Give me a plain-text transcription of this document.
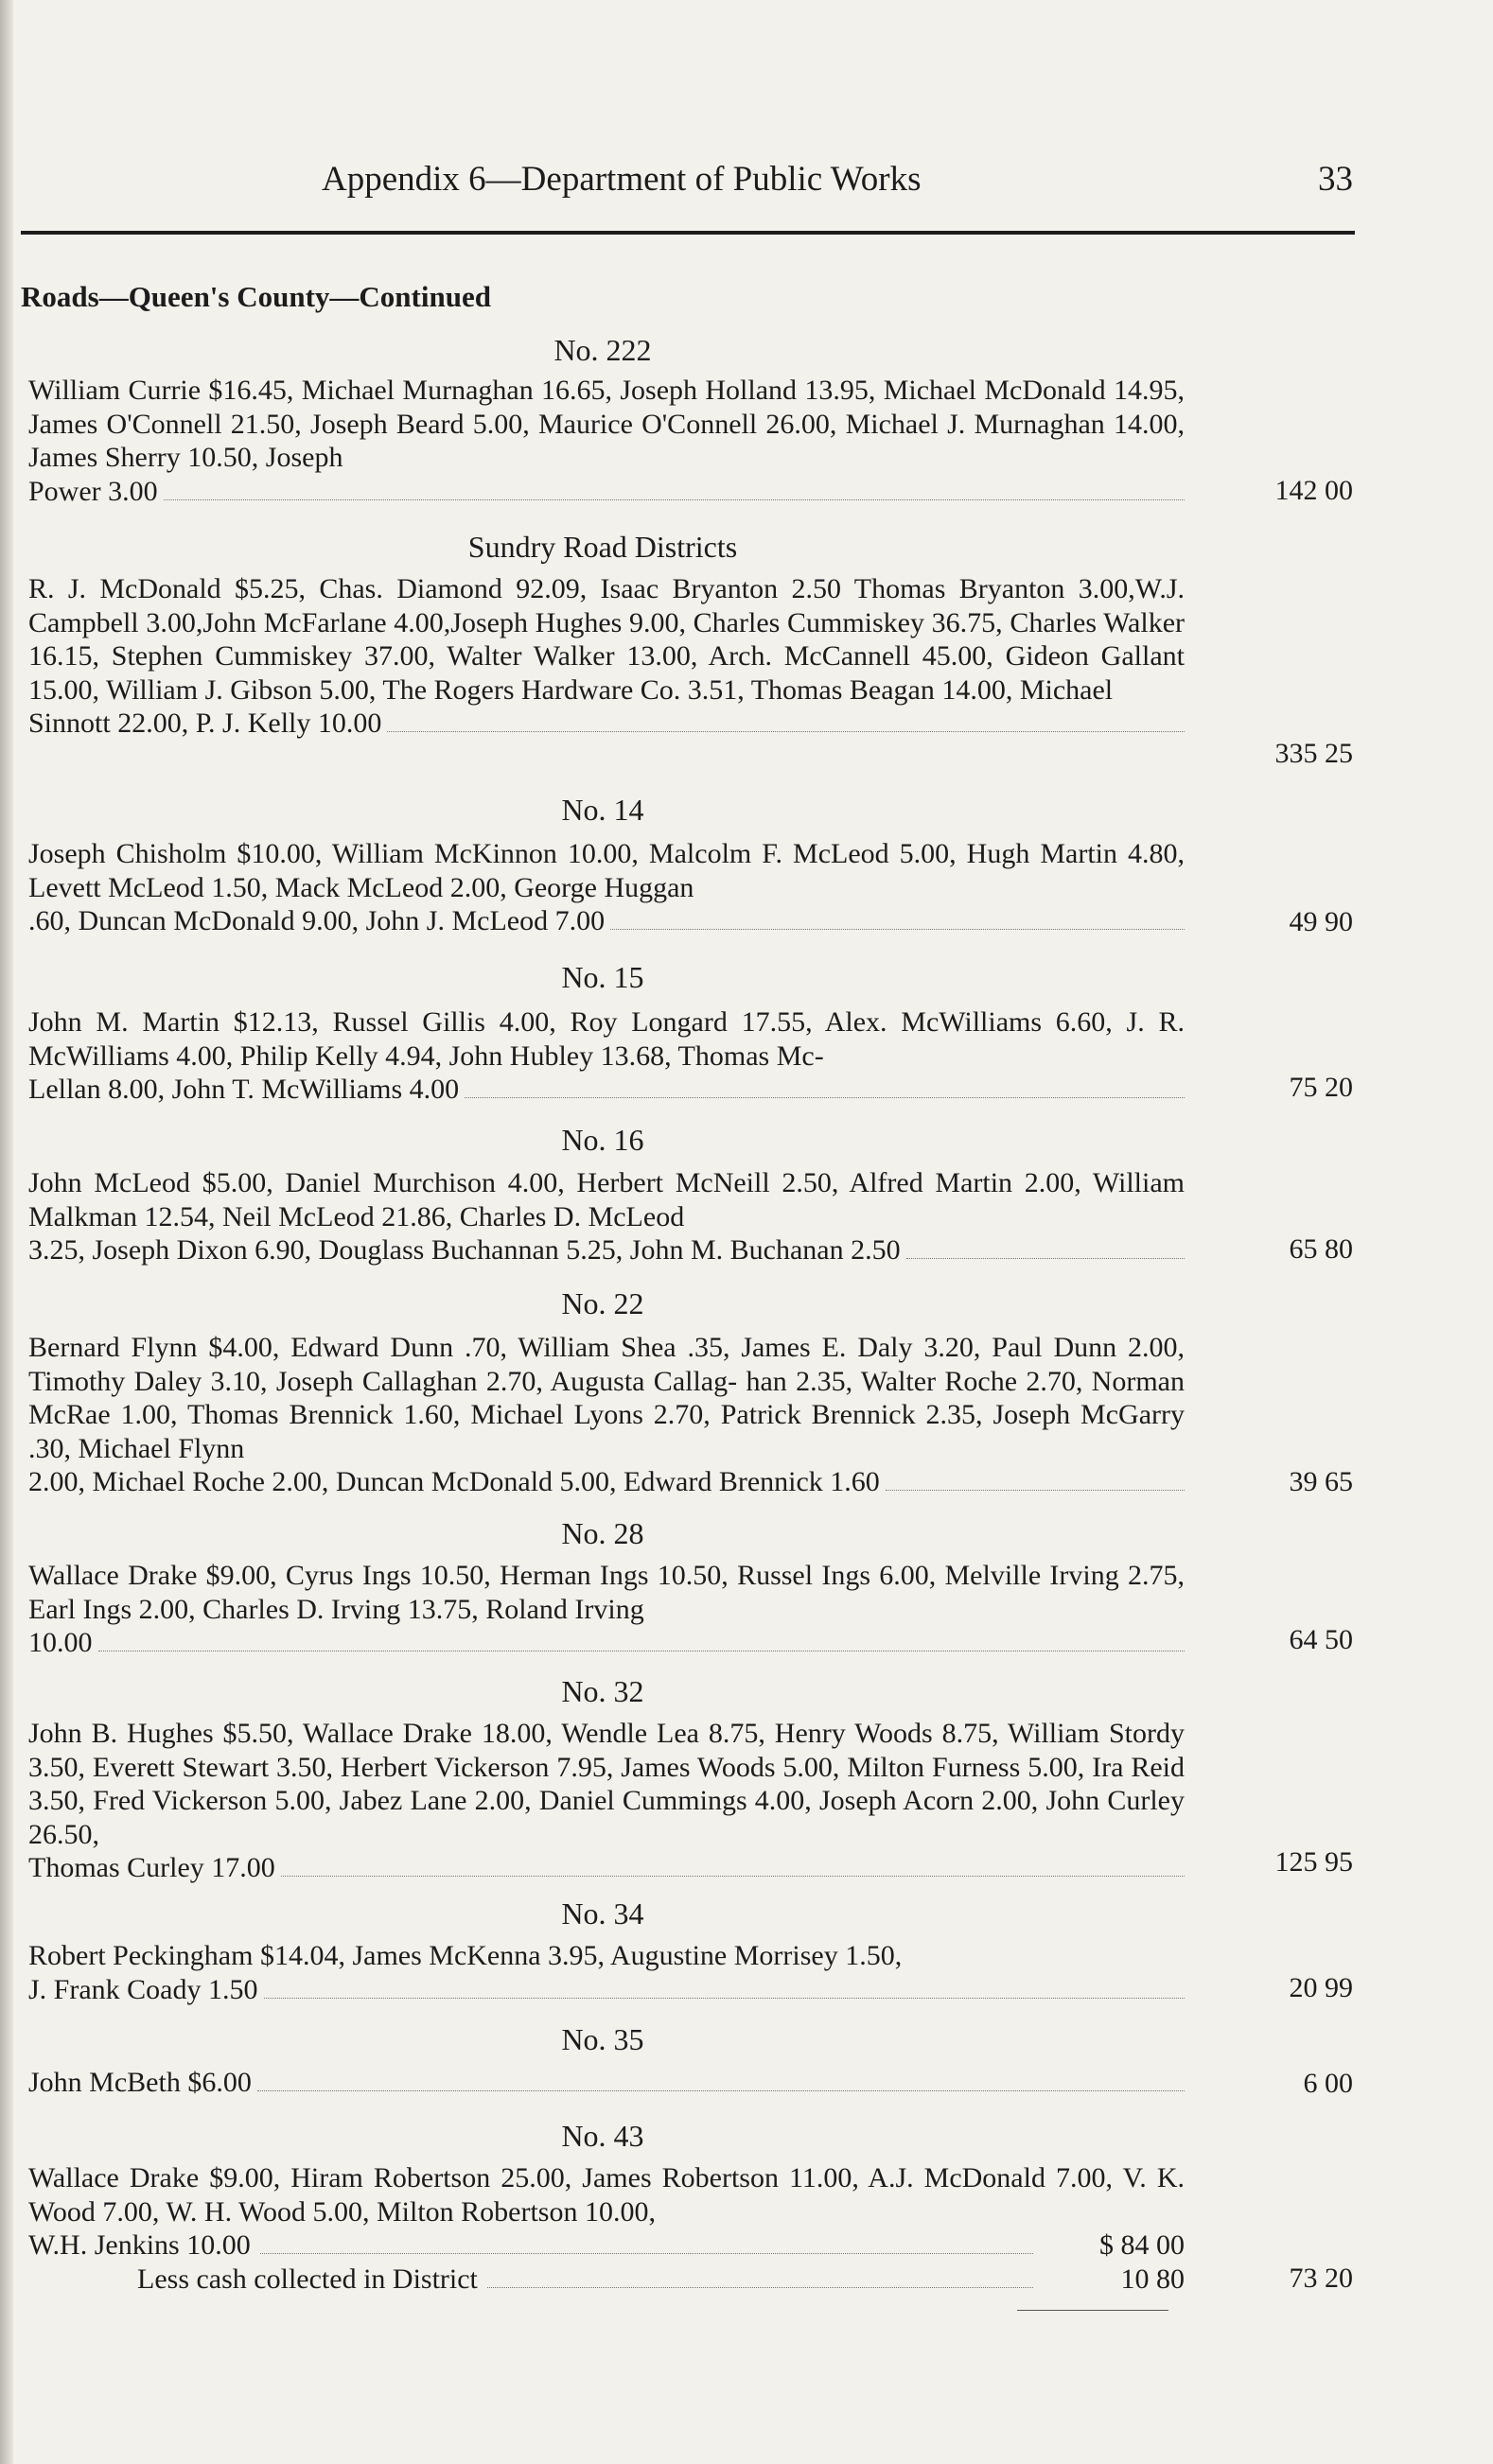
Appendix 6—Department of Public Works	33
Roads—Queen's County—Continued
No. 222
William Currie $16.45, Michael Murnaghan 16.65, Joseph Holland 13.95, Michael McDonald 14.95, James O'Connell 21.50, Joseph Beard 5.00, Maurice O'Connell 26.00, Michael J. Murnaghan 14.00, James Sherry 10.50, Joseph
Power 3.00	142 00
Sundry Road Districts
R. J. McDonald $5.25, Chas. Diamond 92.09, Isaac Bryanton 2.50 Thomas Bryanton 3.00,W.J. Campbell 3.00,John McFarlane 4.00,Joseph Hughes 9.00, Charles Cummiskey 36.75, Charles Walker 16.15, Stephen Cummiskey 37.00, Walter Walker 13.00, Arch. McCannell 45.00, Gideon Gallant 15.00, William J. Gibson 5.00, The Rogers Hardware Co. 3.51, Thomas Beagan 14.00, Michael
Sinnott 22.00, P. J. Kelly 10.00
335 25
No. 14
Joseph Chisholm $10.00, William McKinnon 10.00, Malcolm F. McLeod 5.00, Hugh Martin 4.80, Levett McLeod 1.50, Mack McLeod 2.00, George Huggan
.60, Duncan McDonald 9.00, John J. McLeod 7.00	49 90
No. 15
John M. Martin $12.13, Russel Gillis 4.00, Roy Longard 17.55, Alex. McWilliams 6.60, J. R. McWilliams 4.00, Philip Kelly 4.94, John Hubley 13.68, Thomas Mc-
Lellan 8.00, John T. McWilliams 4.00	75 20
No. 16
John McLeod $5.00, Daniel Murchison 4.00, Herbert McNeill 2.50, Alfred Martin 2.00, William Malkman 12.54, Neil McLeod 21.86, Charles D. McLeod
3.25, Joseph Dixon 6.90, Douglass Buchannan 5.25, John M. Buchanan 2.50	65 80
No. 22
Bernard Flynn $4.00, Edward Dunn .70, William Shea .35, James E. Daly 3.20, Paul Dunn 2.00, Timothy Daley 3.10, Joseph Callaghan 2.70, Augusta Callag- han 2.35, Walter Roche 2.70, Norman McRae 1.00, Thomas Brennick 1.60, Michael Lyons 2.70, Patrick Brennick 2.35, Joseph McGarry .30, Michael Flynn
2.00, Michael Roche 2.00, Duncan McDonald 5.00, Edward Brennick 1.60	39 65
No. 28
Wallace Drake $9.00, Cyrus Ings 10.50, Herman Ings 10.50, Russel Ings 6.00, Melville Irving 2.75, Earl Ings 2.00, Charles D. Irving 13.75, Roland Irving
10.00	64 50
No. 32
John B. Hughes $5.50, Wallace Drake 18.00, Wendle Lea 8.75, Henry Woods 8.75, William Stordy 3.50, Everett Stewart 3.50, Herbert Vickerson 7.95, James Woods 5.00, Milton Furness 5.00, Ira Reid 3.50, Fred Vickerson 5.00, Jabez Lane 2.00, Daniel Cummings 4.00, Joseph Acorn 2.00, John Curley 26.50,
Thomas Curley 17.00	125 95
No. 34
Robert Peckingham $14.04, James McKenna 3.95, Augustine Morrisey 1.50,
J. Frank Coady 1.50	20 99
No. 35
John McBeth $6.00	6 00
No. 43
Wallace Drake $9.00, Hiram Robertson 25.00, James Robertson 11.00, A.J. McDonald 7.00, V. K. Wood 7.00, W. H. Wood 5.00, Milton Robertson 10.00,
W.H. Jenkins 10.00	$ 84 00
Less cash collected in District	10 80	73 20
